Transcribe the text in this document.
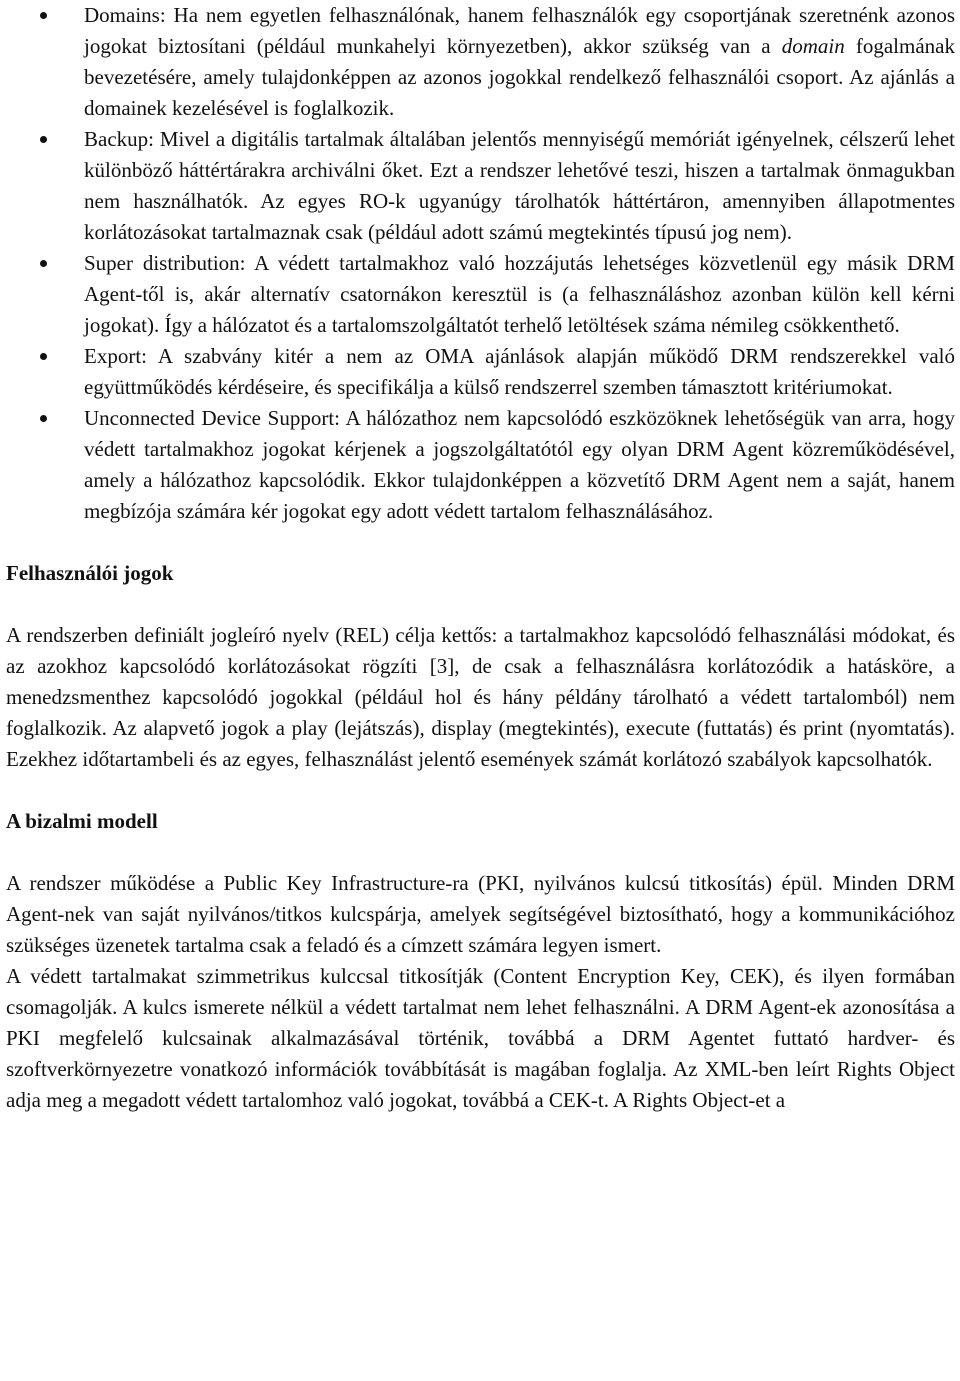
Domains: Ha nem egyetlen felhasználónak, hanem felhasználók egy csoportjának szeretnénk azonos jogokat biztosítani (például munkahelyi környezetben), akkor szükség van a domain fogalmának bevezetésére, amely tulajdonképpen az azonos jogokkal rendelkező felhasználói csoport. Az ajánlás a domainek kezelésével is foglalkozik.
Backup: Mivel a digitális tartalmak általában jelentős mennyiségű memóriát igényelnek, célszerű lehet különböző háttértárakra archiválni őket. Ezt a rendszer lehetővé teszi, hiszen a tartalmak önmagukban nem használhatók. Az egyes RO-k ugyanúgy tárolhatók háttértáron, amennyiben állapotmentes korlátozásokat tartalmaznak csak (például adott számú megtekintés típusú jog nem).
Super distribution: A védett tartalmakhoz való hozzájutás lehetséges közvetlenül egy másik DRM Agent-től is, akár alternatív csatornákon keresztül is (a felhasználáshoz azonban külön kell kérni jogokat). Így a hálózatot és a tartalomszolgáltatót terhelő letöltések száma némileg csökkenthető.
Export: A szabvány kitér a nem az OMA ajánlások alapján működő DRM rendszerekkel való együttműködés kérdéseire, és specifikálja a külső rendszerrel szemben támasztott kritériumokat.
Unconnected Device Support: A hálózathoz nem kapcsolódó eszközöknek lehetőségük van arra, hogy védett tartalmakhoz jogokat kérjenek a jogszolgáltatótól egy olyan DRM Agent közreműködésével, amely a hálózathoz kapcsolódik. Ekkor tulajdonképpen a közvetítő DRM Agent nem a saját, hanem megbízója számára kér jogokat egy adott védett tartalom felhasználásához.
Felhasználói jogok

A rendszerben definiált jogleíró nyelv (REL) célja kettős: a tartalmakhoz kapcsolódó felhasználási módokat, és az azokhoz kapcsolódó korlátozásokat rögzíti [3], de csak a felhasználásra korlátozódik a hatásköre, a menedzsmenthez kapcsolódó jogokkal (például hol és hány példány tárolható a védett tartalomból) nem foglalkozik. Az alapvető jogok a play (lejátszás), display (megtekintés), execute (futtatás) és print (nyomtatás). Ezekhez időtartambeli és az egyes, felhasználást jelentő események számát korlátozó szabályok kapcsolhatók.

A bizalmi modell

A rendszer működése a Public Key Infrastructure-ra (PKI, nyilvános kulcsú titkosítás) épül. Minden DRM Agent-nek van saját nyilvános/titkos kulcspárja, amelyek segítségével biztosítható, hogy a kommunikációhoz szükséges üzenetek tartalma csak a feladó és a címzett számára legyen ismert.

A védett tartalmakat szimmetrikus kulccsal titkosítják (Content Encryption Key, CEK), és ilyen formában csomagolják. A kulcs ismerete nélkül a védett tartalmat nem lehet felhasználni. A DRM Agent-ek azonosítása a PKI megfelelő kulcsainak alkalmazásával történik, továbbá a DRM Agentet futtató hardver- és szoftverkörnyezetre vonatkozó információk továbbítását is magában foglalja. Az XML-ben leírt Rights Object adja meg a megadott védett tartalomhoz való jogokat, továbbá a CEK-t. A Rights Object-et a
